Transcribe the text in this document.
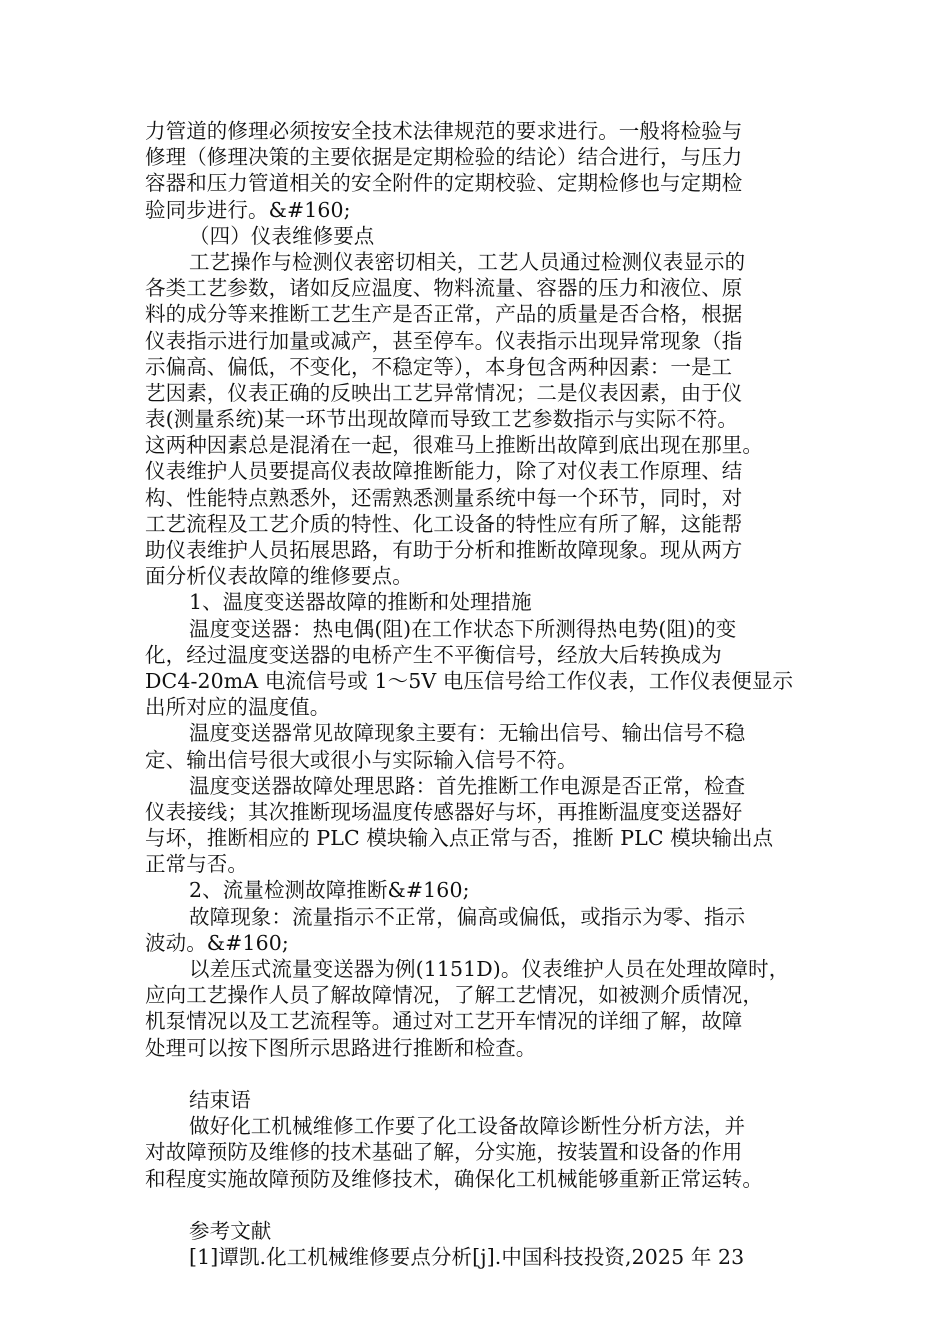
力管道的修理必须按安全技术法律规范的要求进行。一般将检验与
修理（修理决策的主要依据是定期检验的结论）结合进行，与压力
容器和压力管道相关的安全附件的定期校验、定期检修也与定期检
验同步进行。&#160;
（四）仪表维修要点
工艺操作与检测仪表密切相关，工艺人员通过检测仪表显示的
各类工艺参数，诸如反应温度、物料流量、容器的压力和液位、原
料的成分等来推断工艺生产是否正常，产品的质量是否合格，根据
仪表指示进行加量或减产，甚至停车。仪表指示出现异常现象（指
示偏高、偏低，不变化，不稳定等），本身包含两种因素：一是工
艺因素，仪表正确的反映出工艺异常情况；二是仪表因素，由于仪
表(测量系统)某一环节出现故障而导致工艺参数指示与实际不符。
这两种因素总是混淆在一起，很难马上推断出故障到底出现在那里。
仪表维护人员要提高仪表故障推断能力，除了对仪表工作原理、结
构、性能特点熟悉外，还需熟悉测量系统中每一个环节，同时，对
工艺流程及工艺介质的特性、化工设备的特性应有所了解，这能帮
助仪表维护人员拓展思路，有助于分析和推断故障现象。现从两方
面分析仪表故障的维修要点。
1、温度变送器故障的推断和处理措施
温度变送器：热电偶(阻)在工作状态下所测得热电势(阻)的变
化，经过温度变送器的电桥产生不平衡信号，经放大后转换成为
DC4-20mA 电流信号或 1～5V 电压信号给工作仪表，工作仪表便显示
出所对应的温度值。
温度变送器常见故障现象主要有：无输出信号、输出信号不稳
定、输出信号很大或很小与实际输入信号不符。
温度变送器故障处理思路：首先推断工作电源是否正常，检查
仪表接线；其次推断现场温度传感器好与坏，再推断温度变送器好
与坏，推断相应的 PLC 模块输入点正常与否，推断 PLC 模块输出点
正常与否。
2、流量检测故障推断&#160;
故障现象：流量指示不正常，偏高或偏低，或指示为零、指示
波动。&#160;
以差压式流量变送器为例(1151D)。仪表维护人员在处理故障时，
应向工艺操作人员了解故障情况，了解工艺情况，如被测介质情况，
机泵情况以及工艺流程等。通过对工艺开车情况的详细了解，故障
处理可以按下图所示思路进行推断和检查。
结束语
做好化工机械维修工作要了化工设备故障诊断性分析方法，并
对故障预防及维修的技术基础了解，分实施，按装置和设备的作用
和程度实施故障预防及维修技术，确保化工机械能够重新正常运转。
参考文献
[1]谭凯.化工机械维修要点分析[j].中国科技投资,2025 年 23
